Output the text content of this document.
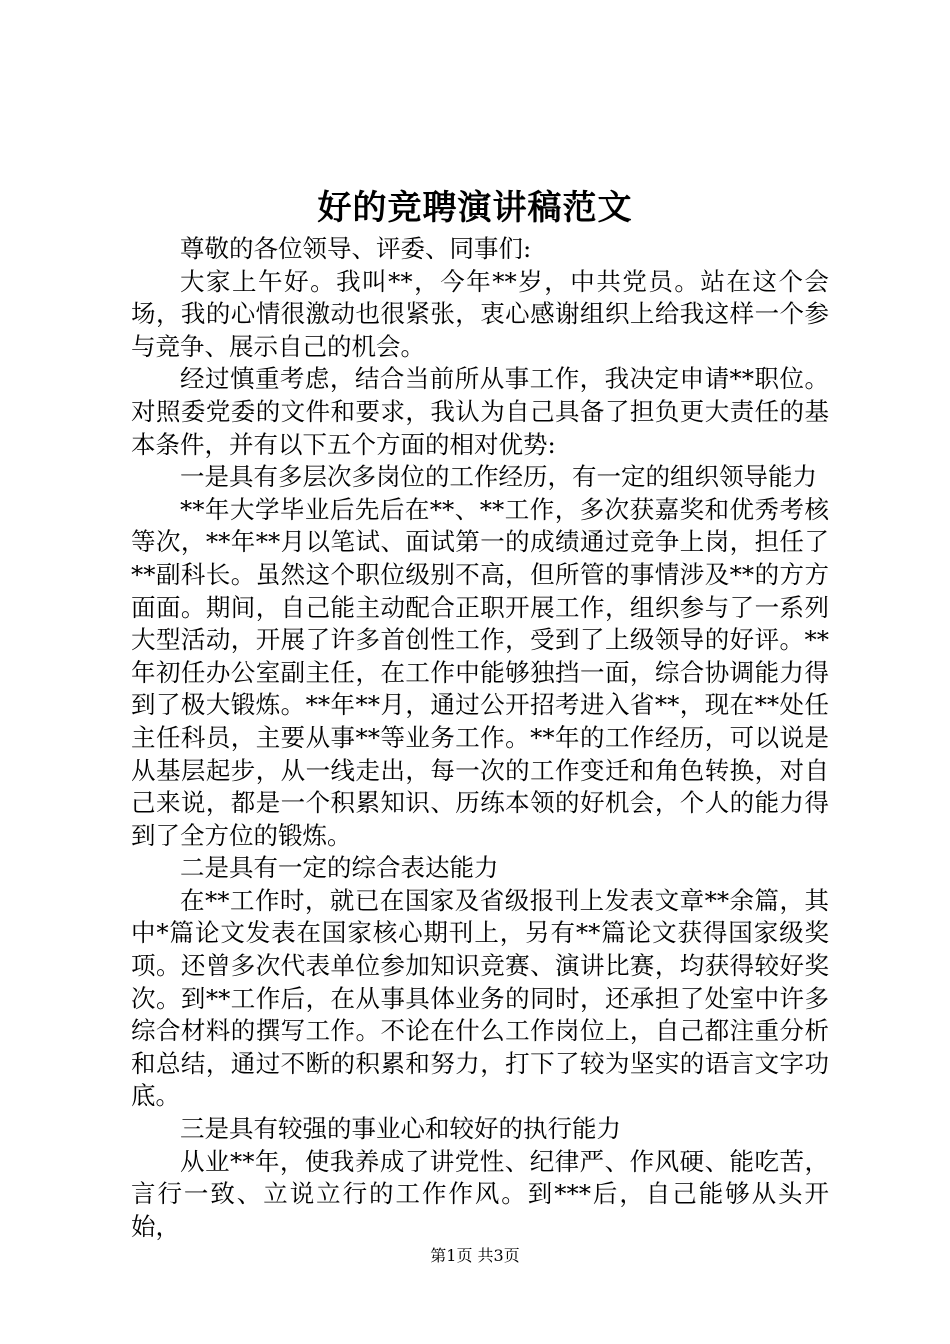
好的竞聘演讲稿范文

尊敬的各位领导、评委、同事们:

大家上午好。我叫**，今年**岁，中共党员。站在这个会场，我的心情很激动也很紧张，衷心感谢组织上给我这样一个参与竞争、展示自己的机会。

经过慎重考虑，结合当前所从事工作，我决定申请**职位。对照委党委的文件和要求，我认为自己具备了担负更大责任的基本条件，并有以下五个方面的相对优势:

一是具有多层次多岗位的工作经历，有一定的组织领导能力

**年大学毕业后先后在**、**工作，多次获嘉奖和优秀考核等次，**年**月以笔试、面试第一的成绩通过竞争上岗，担任了**副科长。虽然这个职位级别不高，但所管的事情涉及**的方方面面。期间，自己能主动配合正职开展工作，组织参与了一系列大型活动，开展了许多首创性工作，受到了上级领导的好评。**年初任办公室副主任，在工作中能够独挡一面，综合协调能力得到了极大锻炼。**年**月，通过公开招考进入省**，现在**处任主任科员，主要从事**等业务工作。**年的工作经历，可以说是从基层起步，从一线走出，每一次的工作变迁和角色转换，对自己来说，都是一个积累知识、历练本领的好机会，个人的能力得到了全方位的锻炼。

二是具有一定的综合表达能力

在**工作时，就已在国家及省级报刊上发表文章**余篇，其中*篇论文发表在国家核心期刊上，另有**篇论文获得国家级奖项。还曾多次代表单位参加知识竞赛、演讲比赛，均获得较好奖次。到**工作后，在从事具体业务的同时，还承担了处室中许多综合材料的撰写工作。不论在什么工作岗位上，自己都注重分析和总结，通过不断的积累和努力，打下了较为坚实的语言文字功底。

三是具有较强的事业心和较好的执行能力

从业**年，使我养成了讲党性、纪律严、作风硬、能吃苦，言行一致、立说立行的工作作风。到***后，自己能够从头开始，

第1页 共3页
